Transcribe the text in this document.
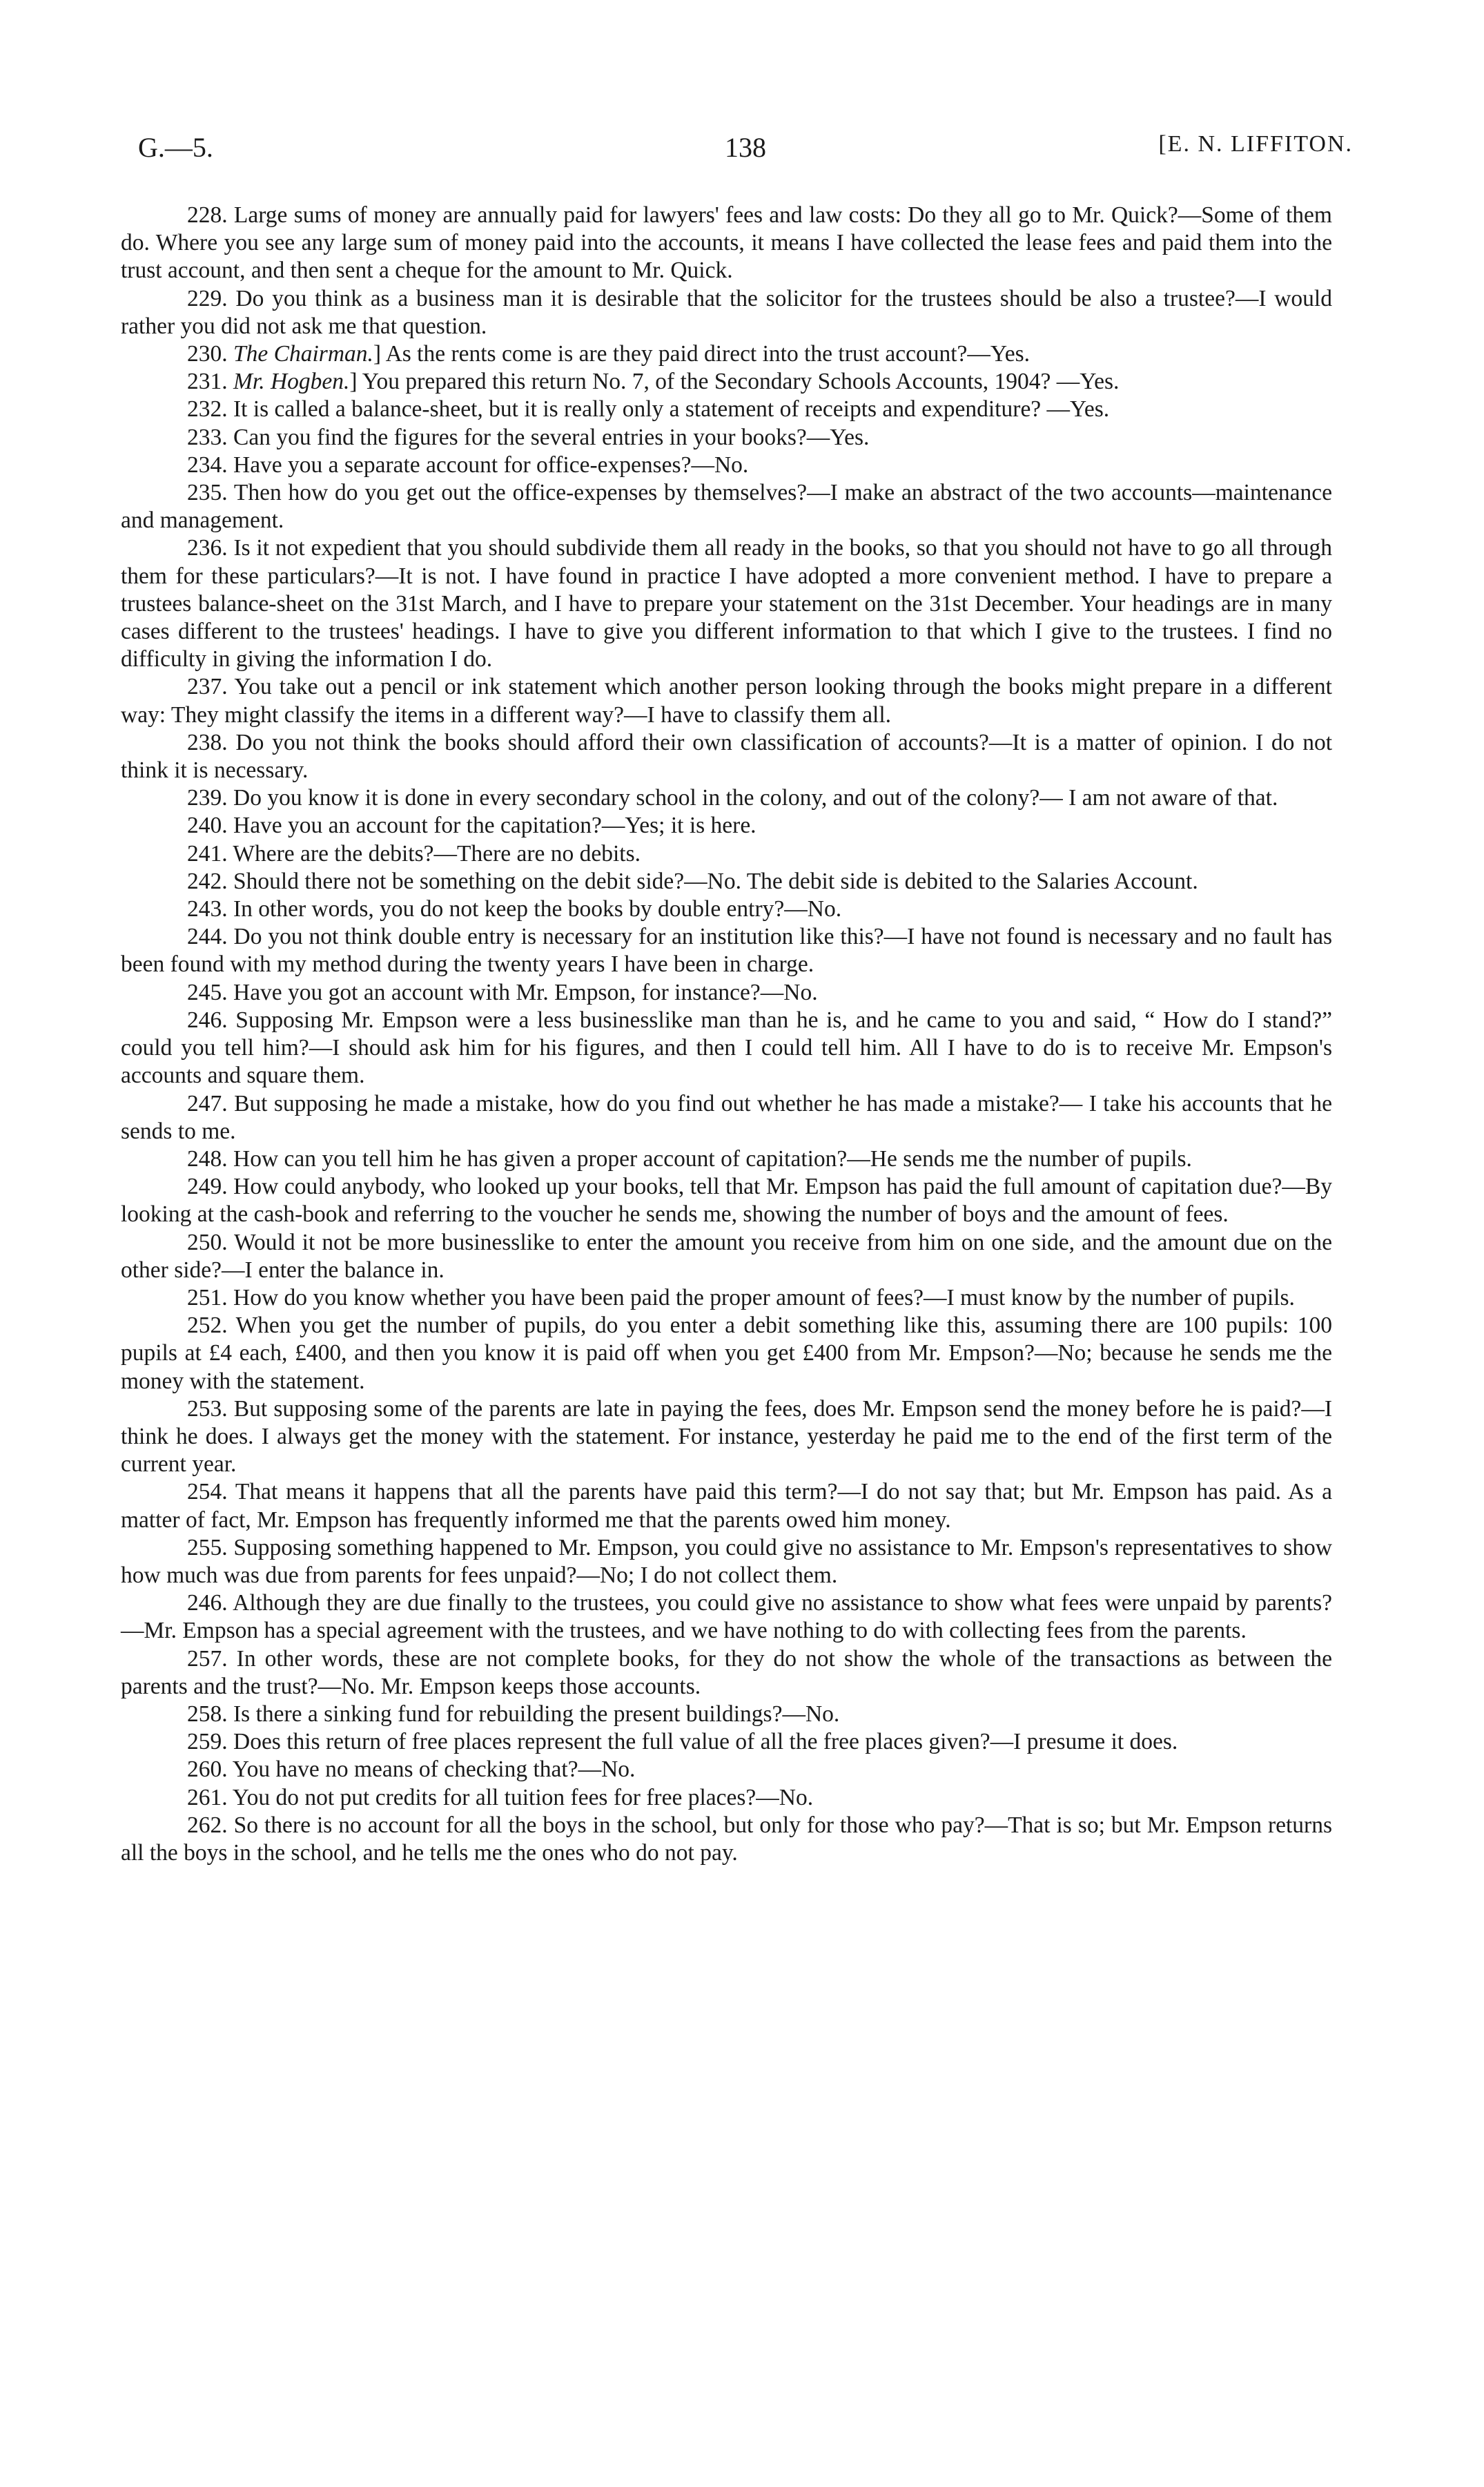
G.—5.	138	[E. N. LIFFITON.

228. Large sums of money are annually paid for lawyers' fees and law costs: Do they all go to Mr. Quick?—Some of them do. Where you see any large sum of money paid into the accounts, it means I have collected the lease fees and paid them into the trust account, and then sent a cheque for the amount to Mr. Quick.

229. Do you think as a business man it is desirable that the solicitor for the trustees should be also a trustee?—I would rather you did not ask me that question.

230. The Chairman.] As the rents come is are they paid direct into the trust account?—Yes.

231. Mr. Hogben.] You prepared this return No. 7, of the Secondary Schools Accounts, 1904? —Yes.

232. It is called a balance-sheet, but it is really only a statement of receipts and expenditure? —Yes.

233. Can you find the figures for the several entries in your books?—Yes.

234. Have you a separate account for office-expenses?—No.

235. Then how do you get out the office-expenses by themselves?—I make an abstract of the two accounts—maintenance and management.

236. Is it not expedient that you should subdivide them all ready in the books, so that you should not have to go all through them for these particulars?—It is not. I have found in practice I have adopted a more convenient method. I have to prepare a trustees balance-sheet on the 31st March, and I have to prepare your statement on the 31st December. Your headings are in many cases different to the trustees' headings. I have to give you different information to that which I give to the trustees. I find no difficulty in giving the information I do.

237. You take out a pencil or ink statement which another person looking through the books might prepare in a different way: They might classify the items in a different way?—I have to classify them all.

238. Do you not think the books should afford their own classification of accounts?—It is a matter of opinion. I do not think it is necessary.

239. Do you know it is done in every secondary school in the colony, and out of the colony?— I am not aware of that.

240. Have you an account for the capitation?—Yes; it is here.

241. Where are the debits?—There are no debits.

242. Should there not be something on the debit side?—No. The debit side is debited to the Salaries Account.

243. In other words, you do not keep the books by double entry?—No.

244. Do you not think double entry is necessary for an institution like this?—I have not found is necessary and no fault has been found with my method during the twenty years I have been in charge.

245. Have you got an account with Mr. Empson, for instance?—No.

246. Supposing Mr. Empson were a less businesslike man than he is, and he came to you and said, “ How do I stand?” could you tell him?—I should ask him for his figures, and then I could tell him. All I have to do is to receive Mr. Empson's accounts and square them.

247. But supposing he made a mistake, how do you find out whether he has made a mistake?— I take his accounts that he sends to me.

248. How can you tell him he has given a proper account of capitation?—He sends me the number of pupils.

249. How could anybody, who looked up your books, tell that Mr. Empson has paid the full amount of capitation due?—By looking at the cash-book and referring to the voucher he sends me, showing the number of boys and the amount of fees.

250. Would it not be more businesslike to enter the amount you receive from him on one side, and the amount due on the other side?—I enter the balance in.

251. How do you know whether you have been paid the proper amount of fees?—I must know by the number of pupils.

252. When you get the number of pupils, do you enter a debit something like this, assuming there are 100 pupils: 100 pupils at £4 each, £400, and then you know it is paid off when you get £400 from Mr. Empson?—No; because he sends me the money with the statement.

253. But supposing some of the parents are late in paying the fees, does Mr. Empson send the money before he is paid?—I think he does. I always get the money with the statement. For instance, yesterday he paid me to the end of the first term of the current year.

254. That means it happens that all the parents have paid this term?—I do not say that; but Mr. Empson has paid. As a matter of fact, Mr. Empson has frequently informed me that the parents owed him money.

255. Supposing something happened to Mr. Empson, you could give no assistance to Mr. Empson's representatives to show how much was due from parents for fees unpaid?—No; I do not collect them.

246. Although they are due finally to the trustees, you could give no assistance to show what fees were unpaid by parents?—Mr. Empson has a special agreement with the trustees, and we have nothing to do with collecting fees from the parents.

257. In other words, these are not complete books, for they do not show the whole of the transactions as between the parents and the trust?—No. Mr. Empson keeps those accounts.

258. Is there a sinking fund for rebuilding the present buildings?—No.

259. Does this return of free places represent the full value of all the free places given?—I presume it does.

260. You have no means of checking that?—No.

261. You do not put credits for all tuition fees for free places?—No.

262. So there is no account for all the boys in the school, but only for those who pay?—That is so; but Mr. Empson returns all the boys in the school, and he tells me the ones who do not pay.
